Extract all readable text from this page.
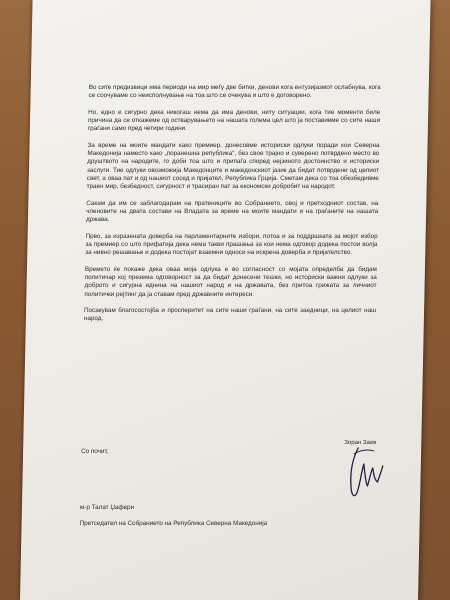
Во сите предизвици има периоди на мир меѓу две битки, денови кога ентузијазмот ослабнува, кога се соочуваме со неисполнување на тоа што се очекува и што е договорено.

Но, едно е сигурно дека никогаш нема да има денови, ниту ситуации, кога тие моменти биле причина да се откажеме од остварувањето на нашата голема цел што ја поставивме со сите наши граѓани само пред четири години.

За време на моите мандати како премиер, донесовме историски одлуки поради кои Северна Македонија наместо како „поранешна република“, без свое трајно и суверено потврдено место во друштвото на народите, го доби тоа што и припаѓа според нејзиното достоинство и историски заслуги. Тие одлуки овозможија Македонците и македонскиот јазик да бидат потврдени од целиот свет, а оваа пат и од нашиот сосед и пријател, Република Грција. Сметам дека со тоа обезбедивме траен мир, безбедност, сигурност и трасиран пат за економски добробит на народот.

Сакам да им се заблагодарам на пратениците во Собранието, овој и претходниот состав, на членовите на двата состави на Владата за време на моите мандати и на граѓаните на нашата држава.

Прво, за изразената доверба на парламентарните избори, потоа и за поддршката за мојот избор за премиер со што прифатија дека нема такви прашања за кои нема одговор додека постои волја за нивно решавање и додека постојат взаемни односи на искрена доверба и пријателство.

Времето ќе покаже дека оваа моја одлука е во согласност со мојата определба да бидам политичар кој презема одговорност за да бидат донесени тешки, но историски важни одлуки за доброто и сигурна иднина на нашиот народ и на државата, без притоа грижата за личниот политички рејтинг да ја ставам пред државните интереси.

Посакувам благосостојба и просперитет на сите наши граѓани, на сите заедници, на целиот наш народ.

Со почит,
Зоран Заев
м-р Талат Џафери
Претседател на Собранието на Република Северна Македонија
